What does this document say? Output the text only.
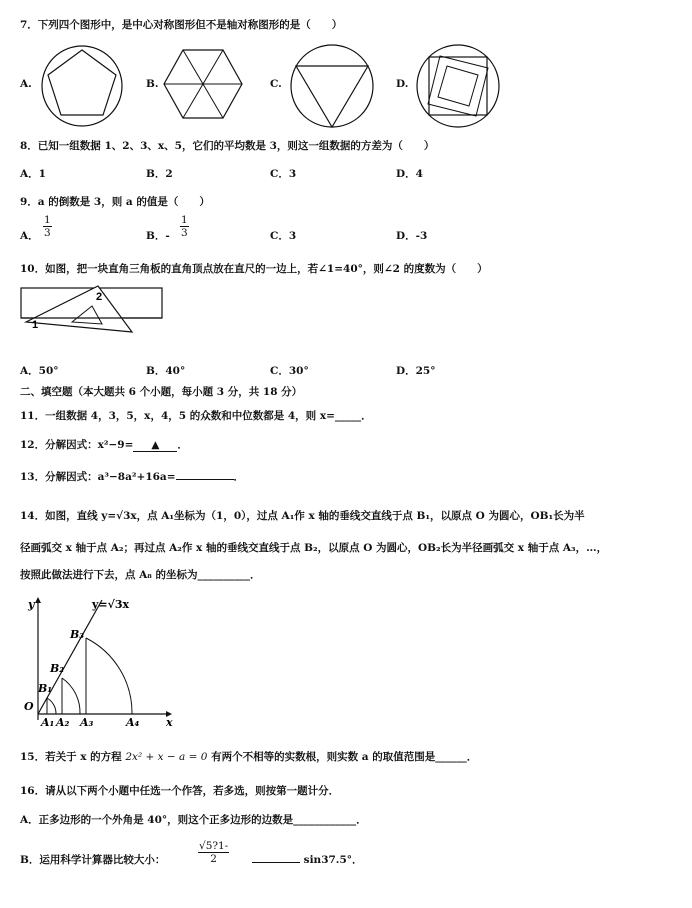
7．下列四个图形中，是中心对称图形但不是轴对称图形的是（　　）
A.	B.	C.	D.
8．已知一组数据 1、2、3、x、5，它们的平均数是 3，则这一组数据的方差为（　　）
A．1	B．2	C．3	D．4
9．a 的倒数是 3，则 a 的值是（　　）
A． $\frac{1}{3}$	B．- $\frac{1}{3}$	C．3	D．-3
10．如图，把一块直角三角板的直角顶点放在直尺的一边上，若∠1=40°，则∠2 的度数为（　　）
1
2
A．50°	B．40°	C．30°	D．25°
二、填空题（本大题共 6 个小题，每小题 3 分，共 18 分）
11．一组数据 4，3，5，x，4，5 的众数和中位数都是 4，则 x=_____．
12．分解因式：x²−9= ▲ ．
13．分解因式：a³−8a²+16a=	．
14．如图，直线 y=√3x，点 A₁坐标为（1，0），过点 A₁作 x 轴的垂线交直线于点 B₁，以原点 O 为圆心，OB₁长为半
径画弧交 x 轴于点 A₂；再过点 A₂作 x 轴的垂线交直线于点 B₂，以原点 O 为圆心，OB₂长为半径画弧交 x 轴于点 A₃，…，
按照此做法进行下去，点 A₈ 的坐标为__________．
y
x
O
y=√3x
B₁
B₂
B₃
A₁ A₂ A₃	A₄
15．若关于 x 的方程 2x² + x − a = 0 有两个不相等的实数根，则实数 a 的取值范围是______．
16．请从以下两个小题中任选一个作答，若多选，则按第一题计分．
A．正多边形的一个外角是 40°，则这个正多边形的边数是____________．
B．运用科学计算器比较大小：	$\frac{√5?1-}{2}$	sin37.5°．
